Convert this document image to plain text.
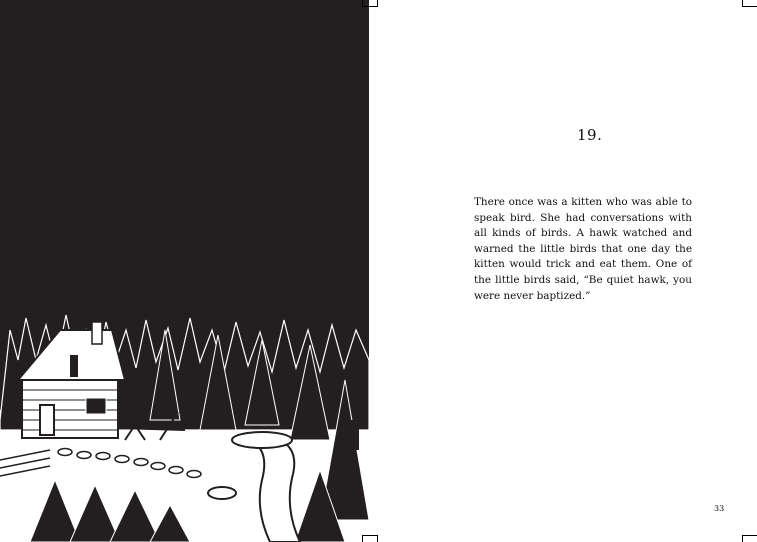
19.
There once was a kitten who was able to speak bird. She had conversations with all kinds of birds. A hawk watched and warned the little birds that one day the kitten would trick and eat them. One of the little birds said, “Be quiet hawk, you were never baptized.”
33
